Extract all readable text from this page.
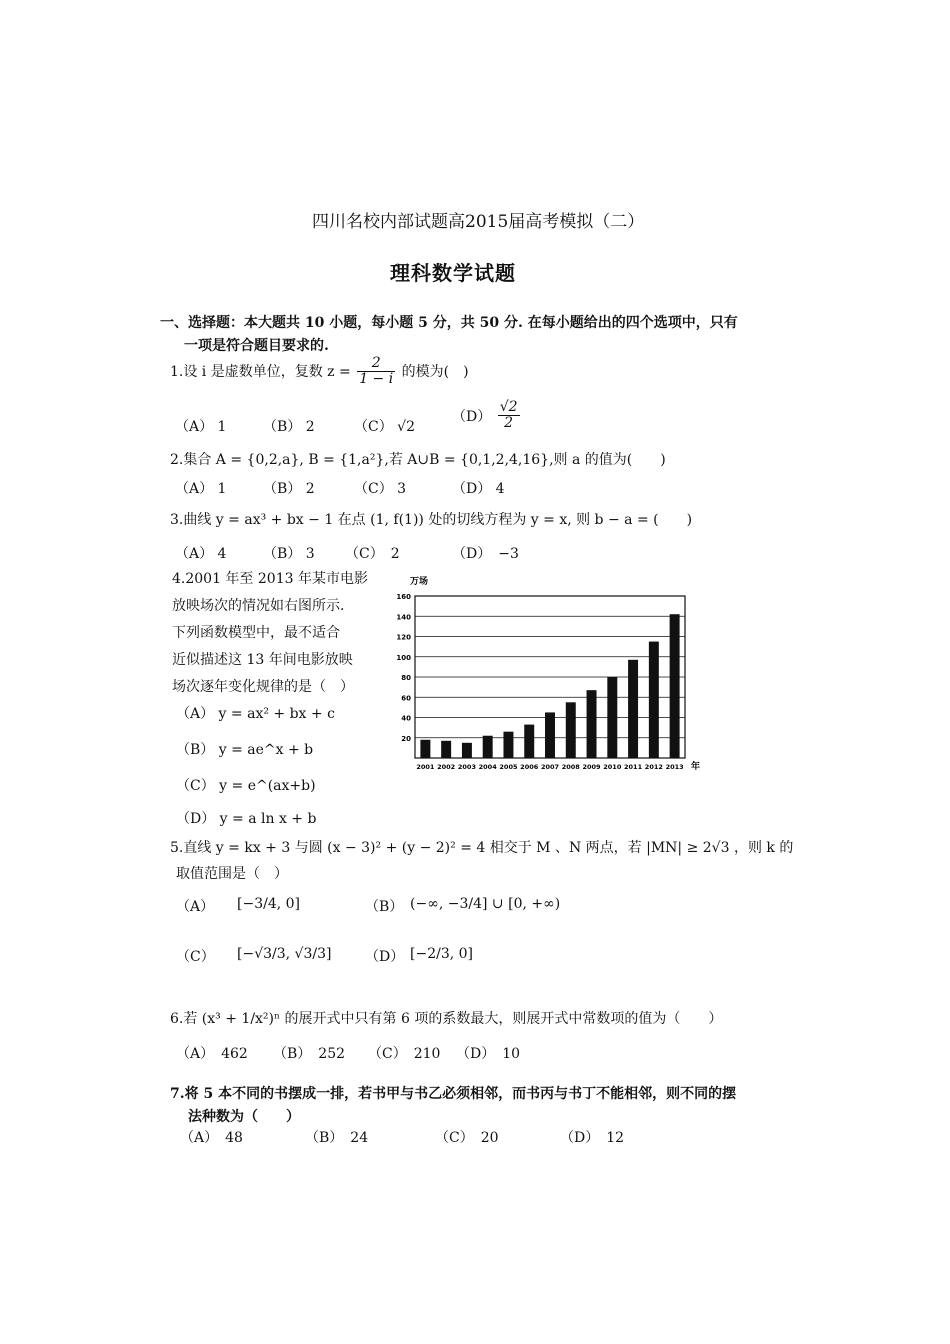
四川名校内部试题高2015届高考模拟（二）
理科数学试题
一、选择题：本大题共 10 小题，每小题 5 分，共 50 分. 在每小题给出的四个选项中，只有
一项是符合题目要求的.
1.设 i 是虚数单位，复数 $z = \frac{2}{1 - i}$ 的模为(　)
（A） 1	（B） 2	（C） √2
$(D) \frac{√2}{2}$
2.集合 A = {0,2,a}, B = {1,a²},若 A∪B = {0,1,2,4,16},则 a 的值为(　　)
（A） 1	（B） 2	（C） 3	（D） 4
3.曲线 y = ax³ + bx − 1 在点 (1, f(1)) 处的切线方程为 y = x, 则 b − a = (　　)
（A） 4	（B） 3 （C）　2	（D）　−3
4.2001 年至 2013 年某市电影
放映场次的情况如右图所示.
下列函数模型中，最不适合
近似描述这 13 年间电影放映
场次逐年变化规律的是（　）
（A） y = ax² + bx + c
（B） y = ae^x + b
（C） y = e^(ax+b)
（D） y = a ln x + b
万场
20
40
60
80
100
120
140
160
2001 2002 2003 2004 2005 2006 2007 2008 2009 2010 2011 2012 2013 年
5.直线 y = kx + 3 与圆 (x − 3)² + (y − 2)² = 4 相交于 M 、N 两点，若 |MN| ≥ 2√3 ，则 k 的
取值范围是（　）
（A） [−3/4, 0]	（B） (−∞, −3/4] ∪ [0, +∞)
（C） [−√3/3, √3/3] （D） [−2/3, 0]
6.若 (x³ + 1/x²)ⁿ 的展开式中只有第 6 项的系数最大，则展开式中常数项的值为（　　）
（A）　462 （B）　252 （C）　210 （D）　10
7.将 5 本不同的书摆成一排，若书甲与书乙必须相邻，而书丙与书丁不能相邻，则不同的摆
法种数为（　　）
（A）　48	（B）　24	（C）　20	（D）　12
